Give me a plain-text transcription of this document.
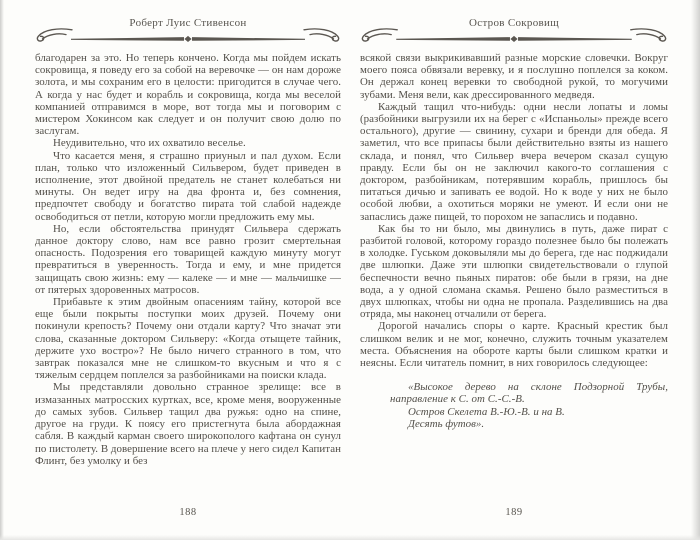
Роберт Луис Стивенсон

благодарен за это. Но теперь кончено. Когда мы пойдем искать сокровища, я поведу его за собой на веревочке — он нам дороже золота, и мы сохраним его в целости: пригодится в случае чего. А когда у нас будет и корабль и сокровища, когда мы веселой компанией отправимся в море, вот тогда мы и поговорим с мистером Хокинсом как следует и он получит свою долю по заслугам.

Неудивительно, что их охватило веселье.

Что касается меня, я страшно приуныл и пал духом. Если план, только что изложенный Сильвером, будет приведен в исполнение, этот двойной предатель не станет колебаться ни минуты. Он ведет игру на два фронта и, без сомнения, предпочтет свободу и богатство пирата той слабой надежде освободиться от петли, которую могли предложить ему мы.

Но, если обстоятельства принудят Сильвера сдержать данное доктору слово, нам все равно грозит смертельная опасность. Подозрения его товарищей каждую минуту могут превратиться в уверенность. Тогда и ему, и мне придется защищать свою жизнь: ему — калеке — и мне — мальчишке — от пятерых здоровенных матросов.

Прибавьте к этим двойным опасениям тайну, которой все еще были покрыты поступки моих друзей. Почему они покинули крепость? Почему они отдали карту? Что значат эти слова, сказанные доктором Сильверу: «Когда отыщете тайник, держите ухо востро»? Не было ничего странного в том, что завтрак показался мне не слишком-то вкусным и что я с тяжелым сердцем поплелся за разбойниками на поиски клада.

Мы представляли довольно странное зрелище: все в измазанных матросских куртках, все, кроме меня, вооруженные до самых зубов. Сильвер тащил два ружья: одно на спине, другое на груди. К поясу его пристегнута была абордажная сабля. В каждый карман своего широкополого кафтана он сунул по пистолету. В довершение всего на плече у него сидел Капитан Флинт, без умолку и без

188
Остров Сокровищ

всякой связи выкрикивавший разные морские словечки. Вокруг моего пояса обвязали веревку, и я послушно поплелся за коком. Он держал конец веревки то свободной рукой, то могучими зубами. Меня вели, как дрессированного медведя.

Каждый тащил что-нибудь: одни несли лопаты и ломы (разбойники выгрузили их на берег с «Испаньолы» прежде всего остального), другие — свинину, сухари и бренди для обеда. Я заметил, что все припасы были действительно взяты из нашего склада, и понял, что Сильвер вчера вечером сказал сущую правду. Если бы он не заключил какого-то соглашения с доктором, разбойникам, потерявшим корабль, пришлось бы питаться дичью и запивать ее водой. Но к воде у них не было особой любви, а охотиться моряки не умеют. И если они не запаслись даже пищей, то порохом не запаслись и подавно.

Как бы то ни было, мы двинулись в путь, даже пират с разбитой головой, которому гораздо полезнее было бы полежать в холодке. Гуськом доковыляли мы до берега, где нас поджидали две шлюпки. Даже эти шлюпки свидетельствовали о глупой беспечности вечно пьяных пиратов: обе были в грязи, на дне вода, а у одной сломана скамья. Решено было разместиться в двух шлюпках, чтобы ни одна не пропала. Разделившись на два отряда, мы наконец отчалили от берега.

Дорогой начались споры о карте. Красный крестик был слишком велик и не мог, конечно, служить точным указателем места. Объяснения на обороте карты были слишком кратки и неясны. Если читатель помнит, в них говорилось следующее:

«Высокое дерево на склоне Подзорной Трубы, направление к С. от С.-С.-В.

Остров Скелета В.-Ю.-В. и на В.

Десять футов».

189
